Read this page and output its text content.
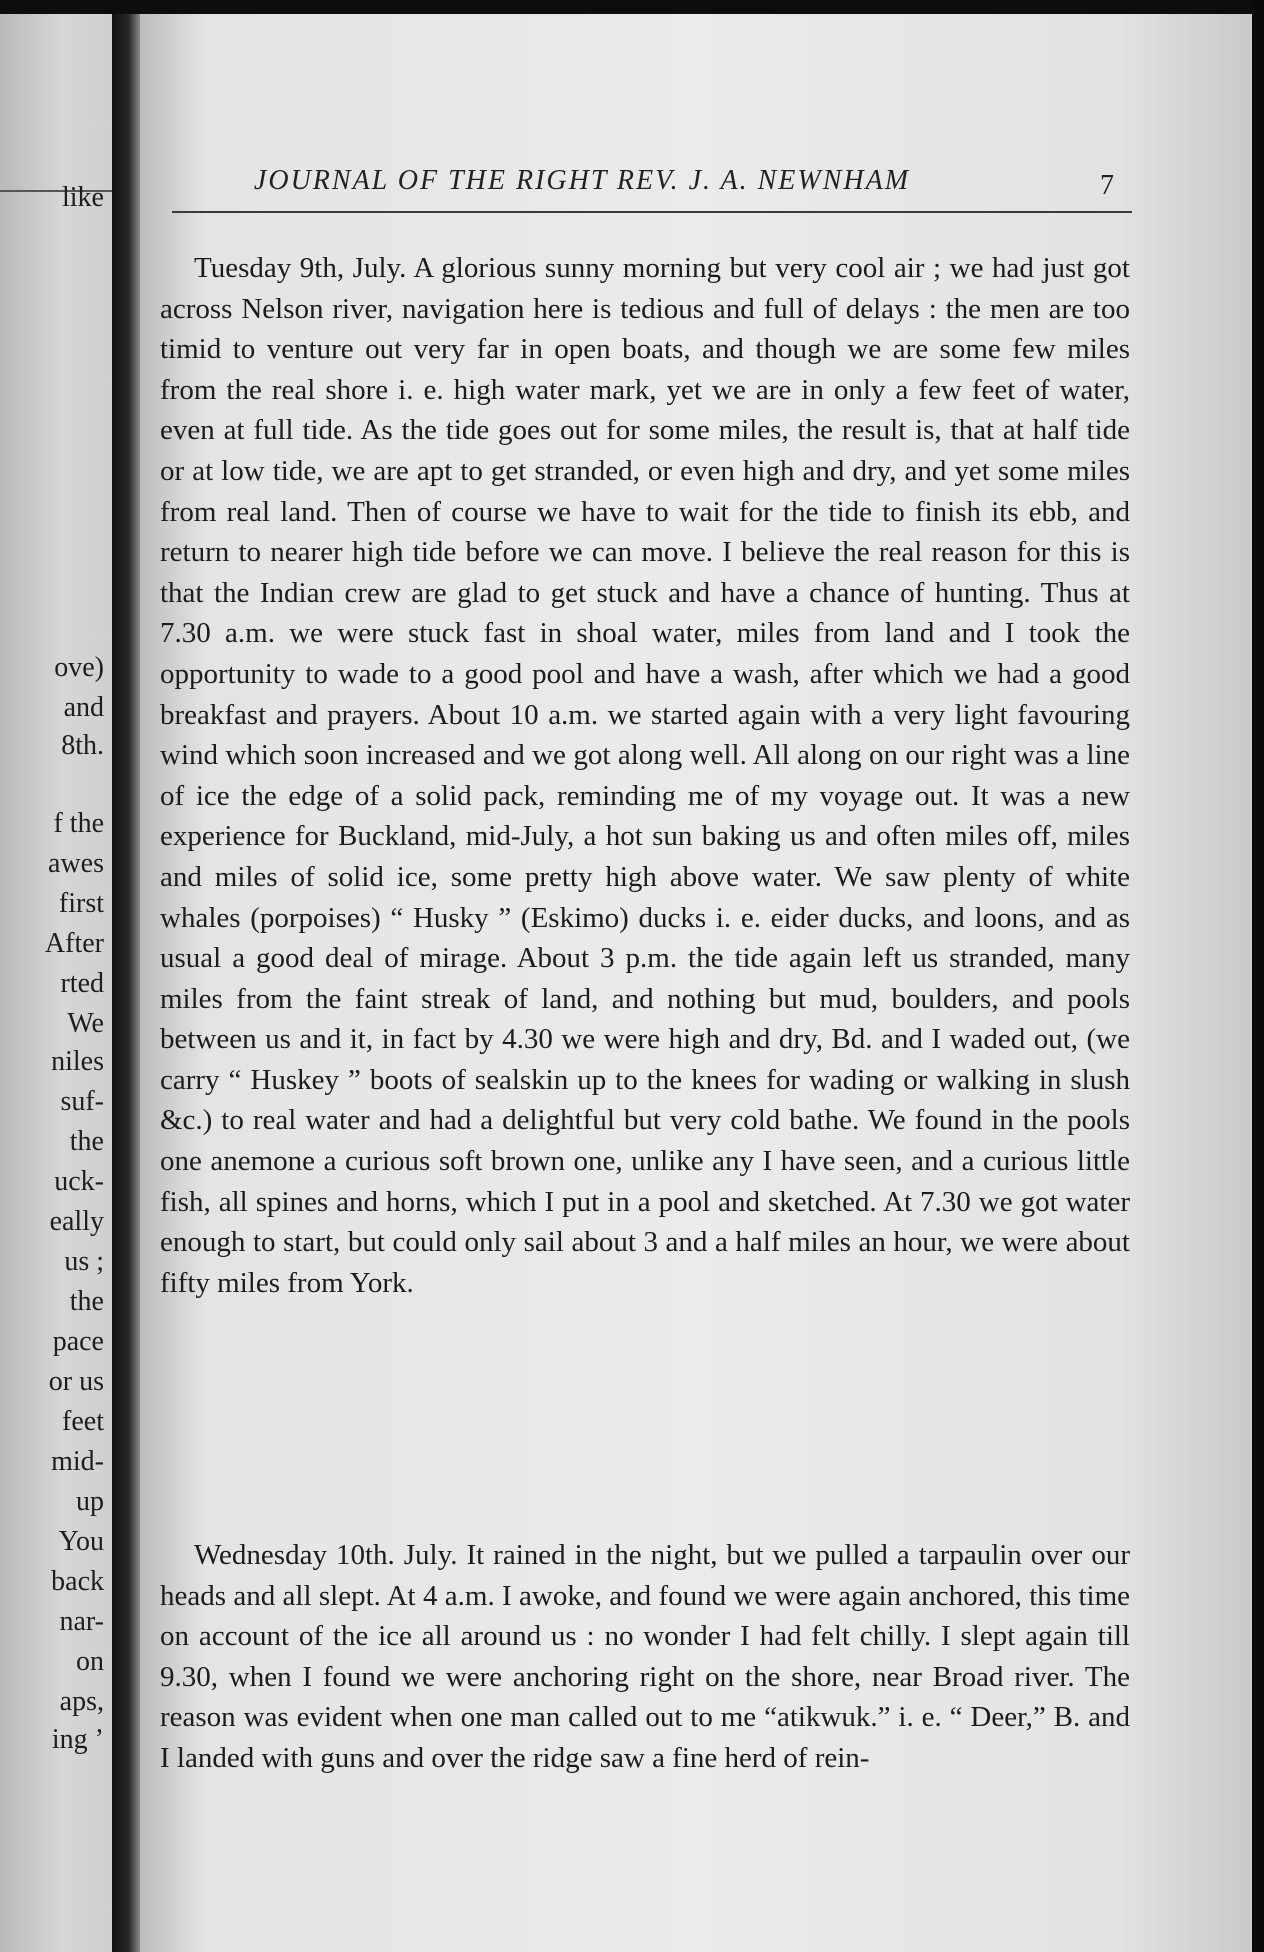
like
ove)
and
8th.
f the
awes
first
After
rted
We
niles
suf-
the
uck-
eally
us ;
the
pace
or us
feet
mid-
up
You
back
nar-
on
aps,
ing ’
JOURNAL OF THE RIGHT REV. J. A. NEWNHAM	7

Tuesday 9th, July. A glorious sunny morning but very cool air ; we had just got across Nelson river, navigation here is tedious and full of delays : the men are too timid to venture out very far in open boats, and though we are some few miles from the real shore i. e. high water mark, yet we are in only a few feet of water, even at full tide. As the tide goes out for some miles, the result is, that at half tide or at low tide, we are apt to get stranded, or even high and dry, and yet some miles from real land. Then of course we have to wait for the tide to finish its ebb, and return to nearer high tide before we can move. I believe the real reason for this is that the Indian crew are glad to get stuck and have a chance of hunting. Thus at 7.30 a.m. we were stuck fast in shoal water, miles from land and I took the opportunity to wade to a good pool and have a wash, after which we had a good breakfast and prayers. About 10 a.m. we started again with a very light favouring wind which soon increased and we got along well. All along on our right was a line of ice the edge of a solid pack, reminding me of my voyage out. It was a new experience for Buckland, mid-July, a hot sun baking us and often miles off, miles and miles of solid ice, some pretty high above water. We saw plenty of white whales (porpoises) “ Husky ” (Eskimo) ducks i. e. eider ducks, and loons, and as usual a good deal of mirage. About 3 p.m. the tide again left us stranded, many miles from the faint streak of land, and nothing but mud, boulders, and pools between us and it, in fact by 4.30 we were high and dry, Bd. and I waded out, (we carry “ Huskey ” boots of sealskin up to the knees for wading or walking in slush &c.) to real water and had a delightful but very cold bathe. We found in the pools one anemone a curious soft brown one, unlike any I have seen, and a curious little fish, all spines and horns, which I put in a pool and sketched. At 7.30 we got water enough to start, but could only sail about 3 and a half miles an hour, we were about fifty miles from York.

Wednesday 10th. July. It rained in the night, but we pulled a tarpaulin over our heads and all slept. At 4 a.m. I awoke, and found we were again anchored, this time on account of the ice all around us : no wonder I had felt chilly. I slept again till 9.30, when I found we were anchoring right on the shore, near Broad river. The reason was evident when one man called out to me “atikwuk.” i. e. “ Deer,” B. and I landed with guns and over the ridge saw a fine herd of rein-
